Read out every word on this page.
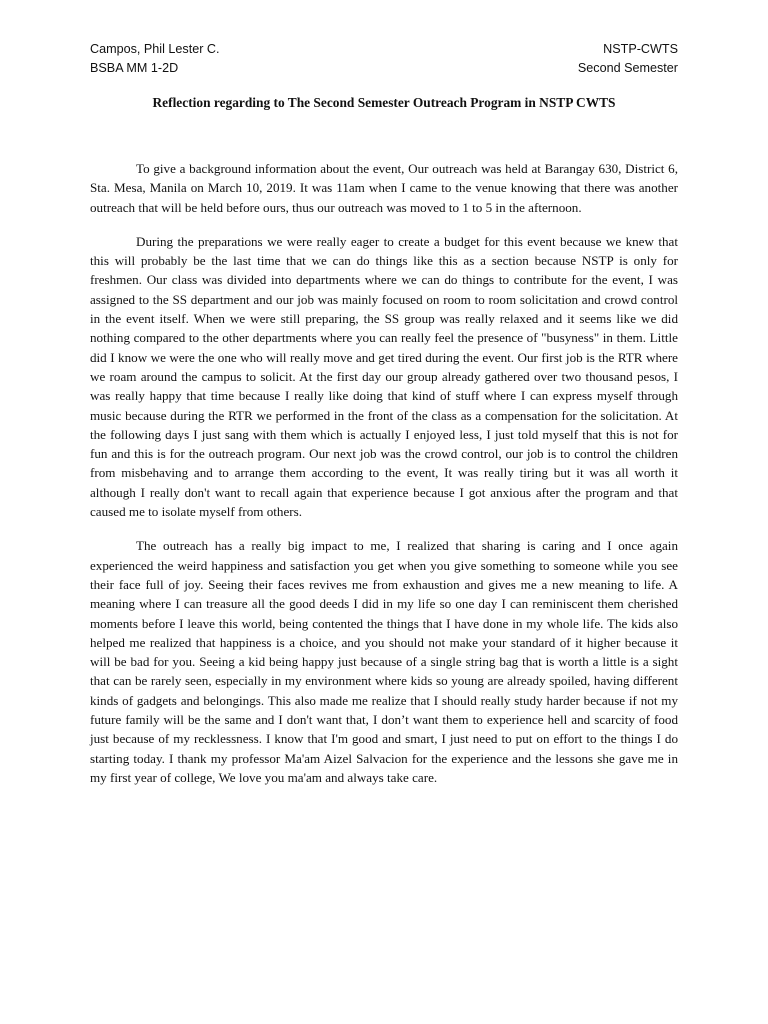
Campos, Phil Lester C.
BSBA MM 1-2D
NSTP-CWTS
Second Semester
Reflection regarding to The Second Semester Outreach Program in NSTP CWTS

To give a background information about the event, Our outreach was held at Barangay 630, District 6, Sta. Mesa, Manila on March 10, 2019. It was 11am when I came to the venue knowing that there was another outreach that will be held before ours, thus our outreach was moved to 1 to 5 in the afternoon.

During the preparations we were really eager to create a budget for this event because we knew that this will probably be the last time that we can do things like this as a section because NSTP is only for freshmen. Our class was divided into departments where we can do things to contribute for the event, I was assigned to the SS department and our job was mainly focused on room to room solicitation and crowd control in the event itself. When we were still preparing, the SS group was really relaxed and it seems like we did nothing compared to the other departments where you can really feel the presence of "busyness" in them. Little did I know we were the one who will really move and get tired during the event. Our first job is the RTR where we roam around the campus to solicit. At the first day our group already gathered over two thousand pesos, I was really happy that time because I really like doing that kind of stuff where I can express myself through music because during the RTR we performed in the front of the class as a compensation for the solicitation. At the following days I just sang with them which is actually I enjoyed less, I just told myself that this is not for fun and this is for the outreach program. Our next job was the crowd control, our job is to control the children from misbehaving and to arrange them according to the event, It was really tiring but it was all worth it although I really don't want to recall again that experience because I got anxious after the program and that caused me to isolate myself from others.

The outreach has a really big impact to me, I realized that sharing is caring and I once again experienced the weird happiness and satisfaction you get when you give something to someone while you see their face full of joy. Seeing their faces revives me from exhaustion and gives me a new meaning to life. A meaning where I can treasure all the good deeds I did in my life so one day I can reminiscent them cherished moments before I leave this world, being contented the things that I have done in my whole life. The kids also helped me realized that happiness is a choice, and you should not make your standard of it higher because it will be bad for you. Seeing a kid being happy just because of a single string bag that is worth a little is a sight that can be rarely seen, especially in my environment where kids so young are already spoiled, having different kinds of gadgets and belongings. This also made me realize that I should really study harder because if not my future family will be the same and I don't want that, I don’t want them to experience hell and scarcity of food just because of my recklessness. I know that I'm good and smart, I just need to put on effort to the things I do starting today. I thank my professor Ma'am Aizel Salvacion for the experience and the lessons she gave me in my first year of college, We love you ma'am and always take care.
